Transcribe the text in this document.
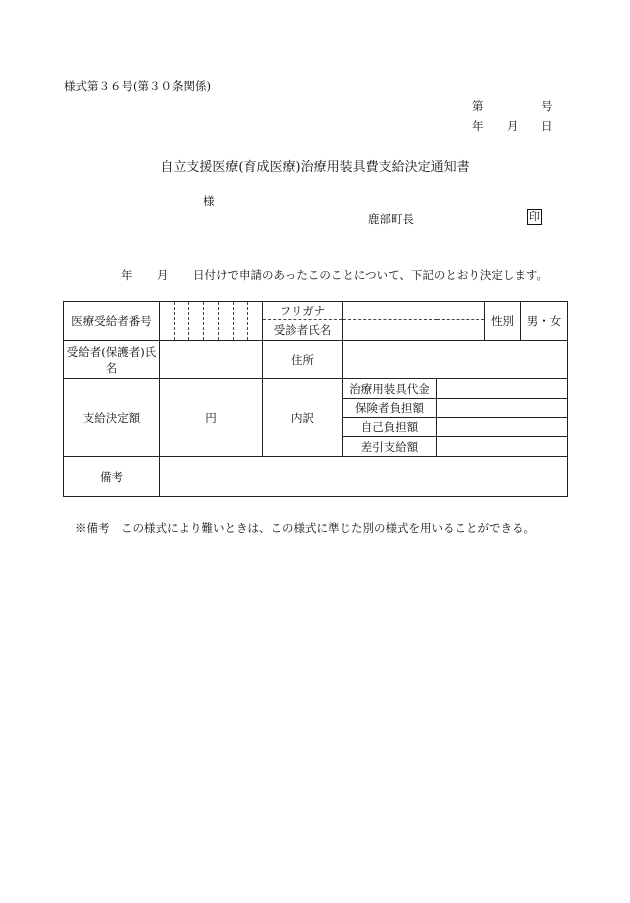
様式第３６号(第３０条関係)
第	号
年 月 日
自立支援医療(育成医療)治療用装具費支給決定通知書
様
鹿部町長	印
年 月 日付けで申請のあったこのことについて、下記のとおり決定します。
医療受給者番号		フリガナ			性別	男・女
		受診者氏名				
受給者(保護者)氏名		住所				
支給決定額	円	内訳	治療用装具代金			
			保険者負担額			
			自己負担額			
			差引支給額			
備考						
※備考　この様式により難いときは、この様式に準じた別の様式を用いることができる。
